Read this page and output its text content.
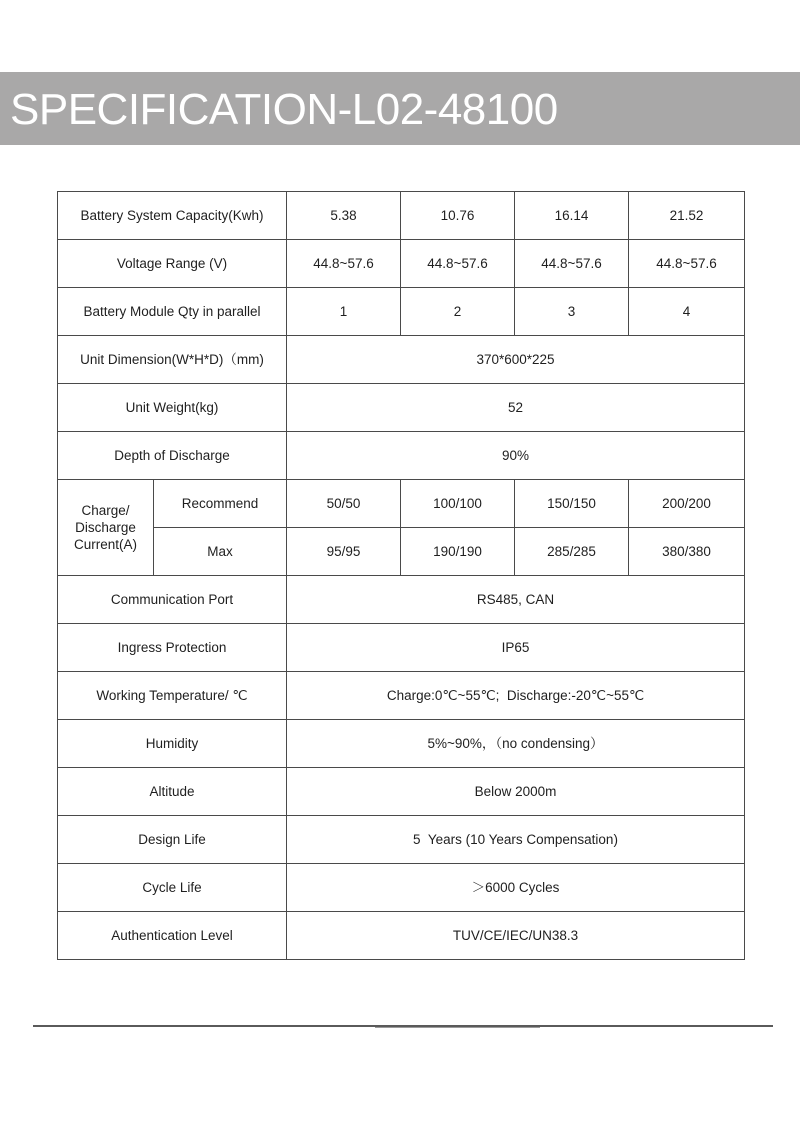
SPECIFICATION-L02-48100
Battery System Capacity(Kwh)		5.38	10.76	16.14	21.52
Voltage Range (V)		44.8~57.6	44.8~57.6	44.8~57.6	44.8~57.6
Battery Module Qty in parallel		1	2	3	4
Unit Dimension(W*H*D)（mm)		370*600*225			
Unit Weight(kg)		52			
Depth of Discharge		90%			
Charge/ Discharge Current(A)	Recommend	50/50	100/100	150/150	200/200
	Max	95/95	190/190	285/285	380/380
Communication Port		RS485, CAN			
Ingress Protection		IP65			
Working Temperature/ ℃		Charge:0℃~55℃;  Discharge:-20℃~55℃			
Humidity		5%~90%，（no condensing）			
Altitude		Below 2000m			
Design Life		5  Years (10 Years Compensation)			
Cycle Life		＞6000 Cycles			
Authentication Level		TUV/CE/IEC/UN38.3			
